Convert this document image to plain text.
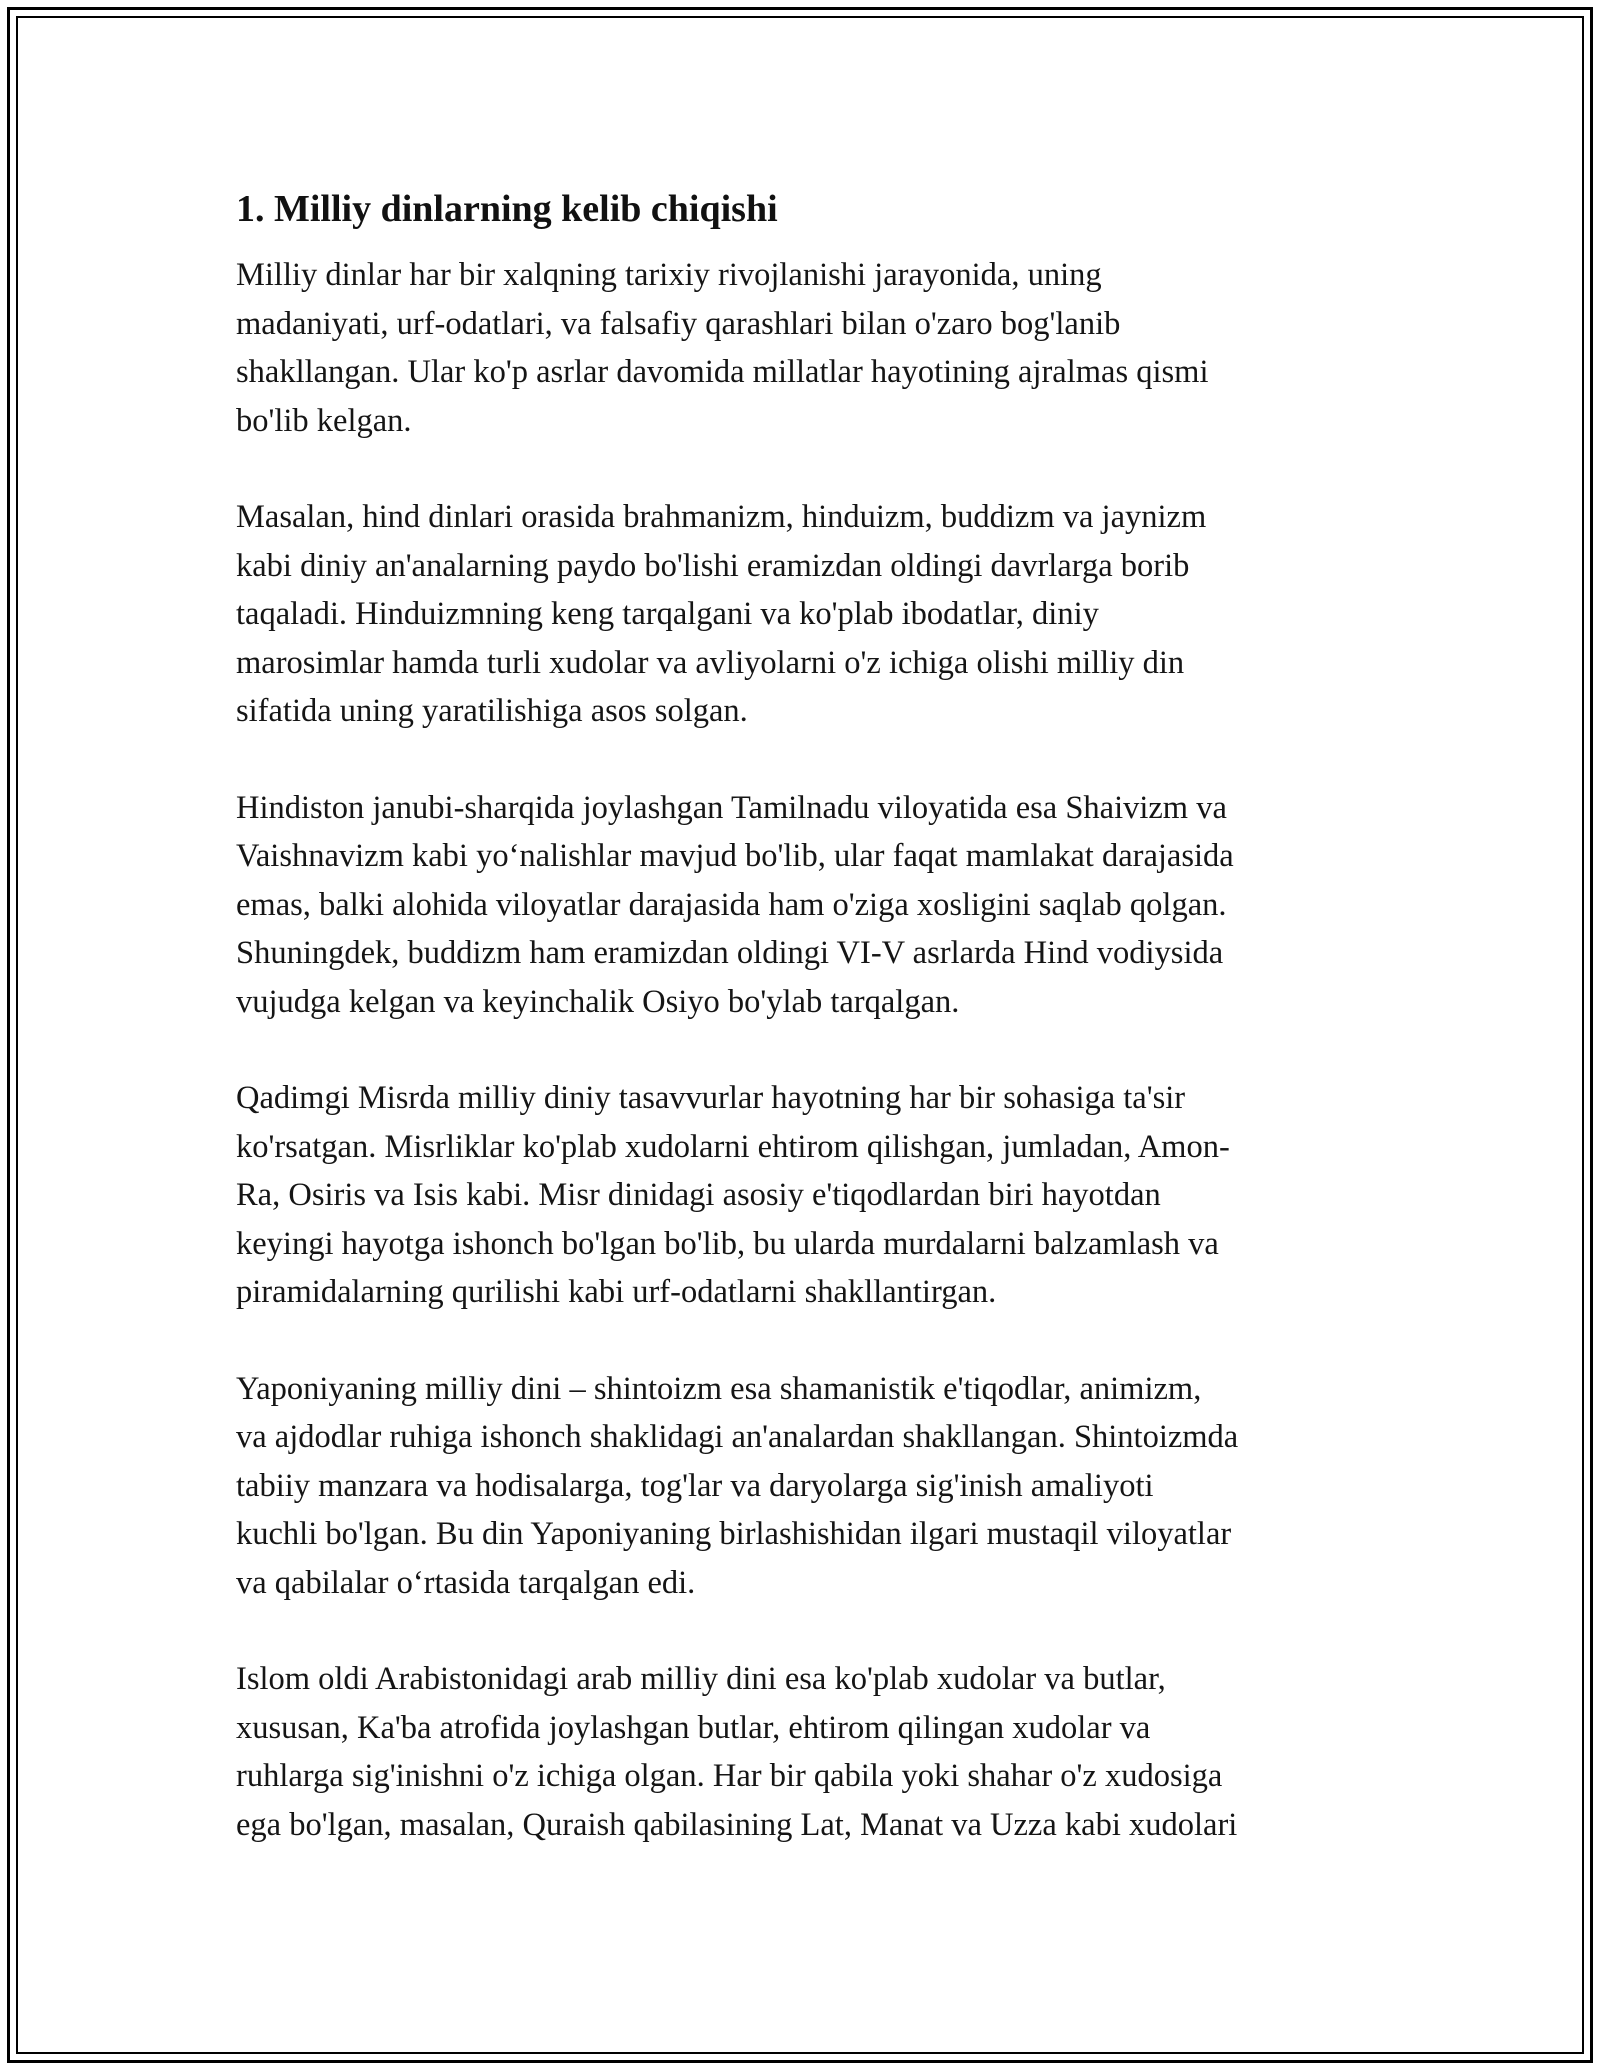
1. Milliy dinlarning kelib chiqishi

Milliy dinlar har bir xalqning tarixiy rivojlanishi jarayonida, uning
madaniyati, urf-odatlari, va falsafiy qarashlari bilan o'zaro bog'lanib
shakllangan. Ular ko'p asrlar davomida millatlar hayotining ajralmas qismi
bo'lib kelgan.

Masalan, hind dinlari orasida brahmanizm, hinduizm, buddizm va jaynizm
kabi diniy an'analarning paydo bo'lishi eramizdan oldingi davrlarga borib
taqaladi. Hinduizmning keng tarqalgani va ko'plab ibodatlar, diniy
marosimlar hamda turli xudolar va avliyolarni o'z ichiga olishi milliy din
sifatida uning yaratilishiga asos solgan.

Hindiston janubi-sharqida joylashgan Tamilnadu viloyatida esa Shaivizm va
Vaishnavizm kabi yo‘nalishlar mavjud bo'lib, ular faqat mamlakat darajasida
emas, balki alohida viloyatlar darajasida ham o'ziga xosligini saqlab qolgan.
Shuningdek, buddizm ham eramizdan oldingi VI-V asrlarda Hind vodiysida
vujudga kelgan va keyinchalik Osiyo bo'ylab tarqalgan.

Qadimgi Misrda milliy diniy tasavvurlar hayotning har bir sohasiga ta'sir
ko'rsatgan. Misrliklar ko'plab xudolarni ehtirom qilishgan, jumladan, Amon-
Ra, Osiris va Isis kabi. Misr dinidagi asosiy e'tiqodlardan biri hayotdan
keyingi hayotga ishonch bo'lgan bo'lib, bu ularda murdalarni balzamlash va
piramidalarning qurilishi kabi urf-odatlarni shakllantirgan.

Yaponiyaning milliy dini – shintoizm esa shamanistik e'tiqodlar, animizm,
va ajdodlar ruhiga ishonch shaklidagi an'analardan shakllangan. Shintoizmda
tabiiy manzara va hodisalarga, tog'lar va daryolarga sig'inish amaliyoti
kuchli bo'lgan. Bu din Yaponiyaning birlashishidan ilgari mustaqil viloyatlar
va qabilalar o‘rtasida tarqalgan edi.

Islom oldi Arabistonidagi arab milliy dini esa ko'plab xudolar va butlar,
xususan, Ka'ba atrofida joylashgan butlar, ehtirom qilingan xudolar va
ruhlarga sig'inishni o'z ichiga olgan. Har bir qabila yoki shahar o'z xudosiga
ega bo'lgan, masalan, Quraish qabilasining Lat, Manat va Uzza kabi xudolari
